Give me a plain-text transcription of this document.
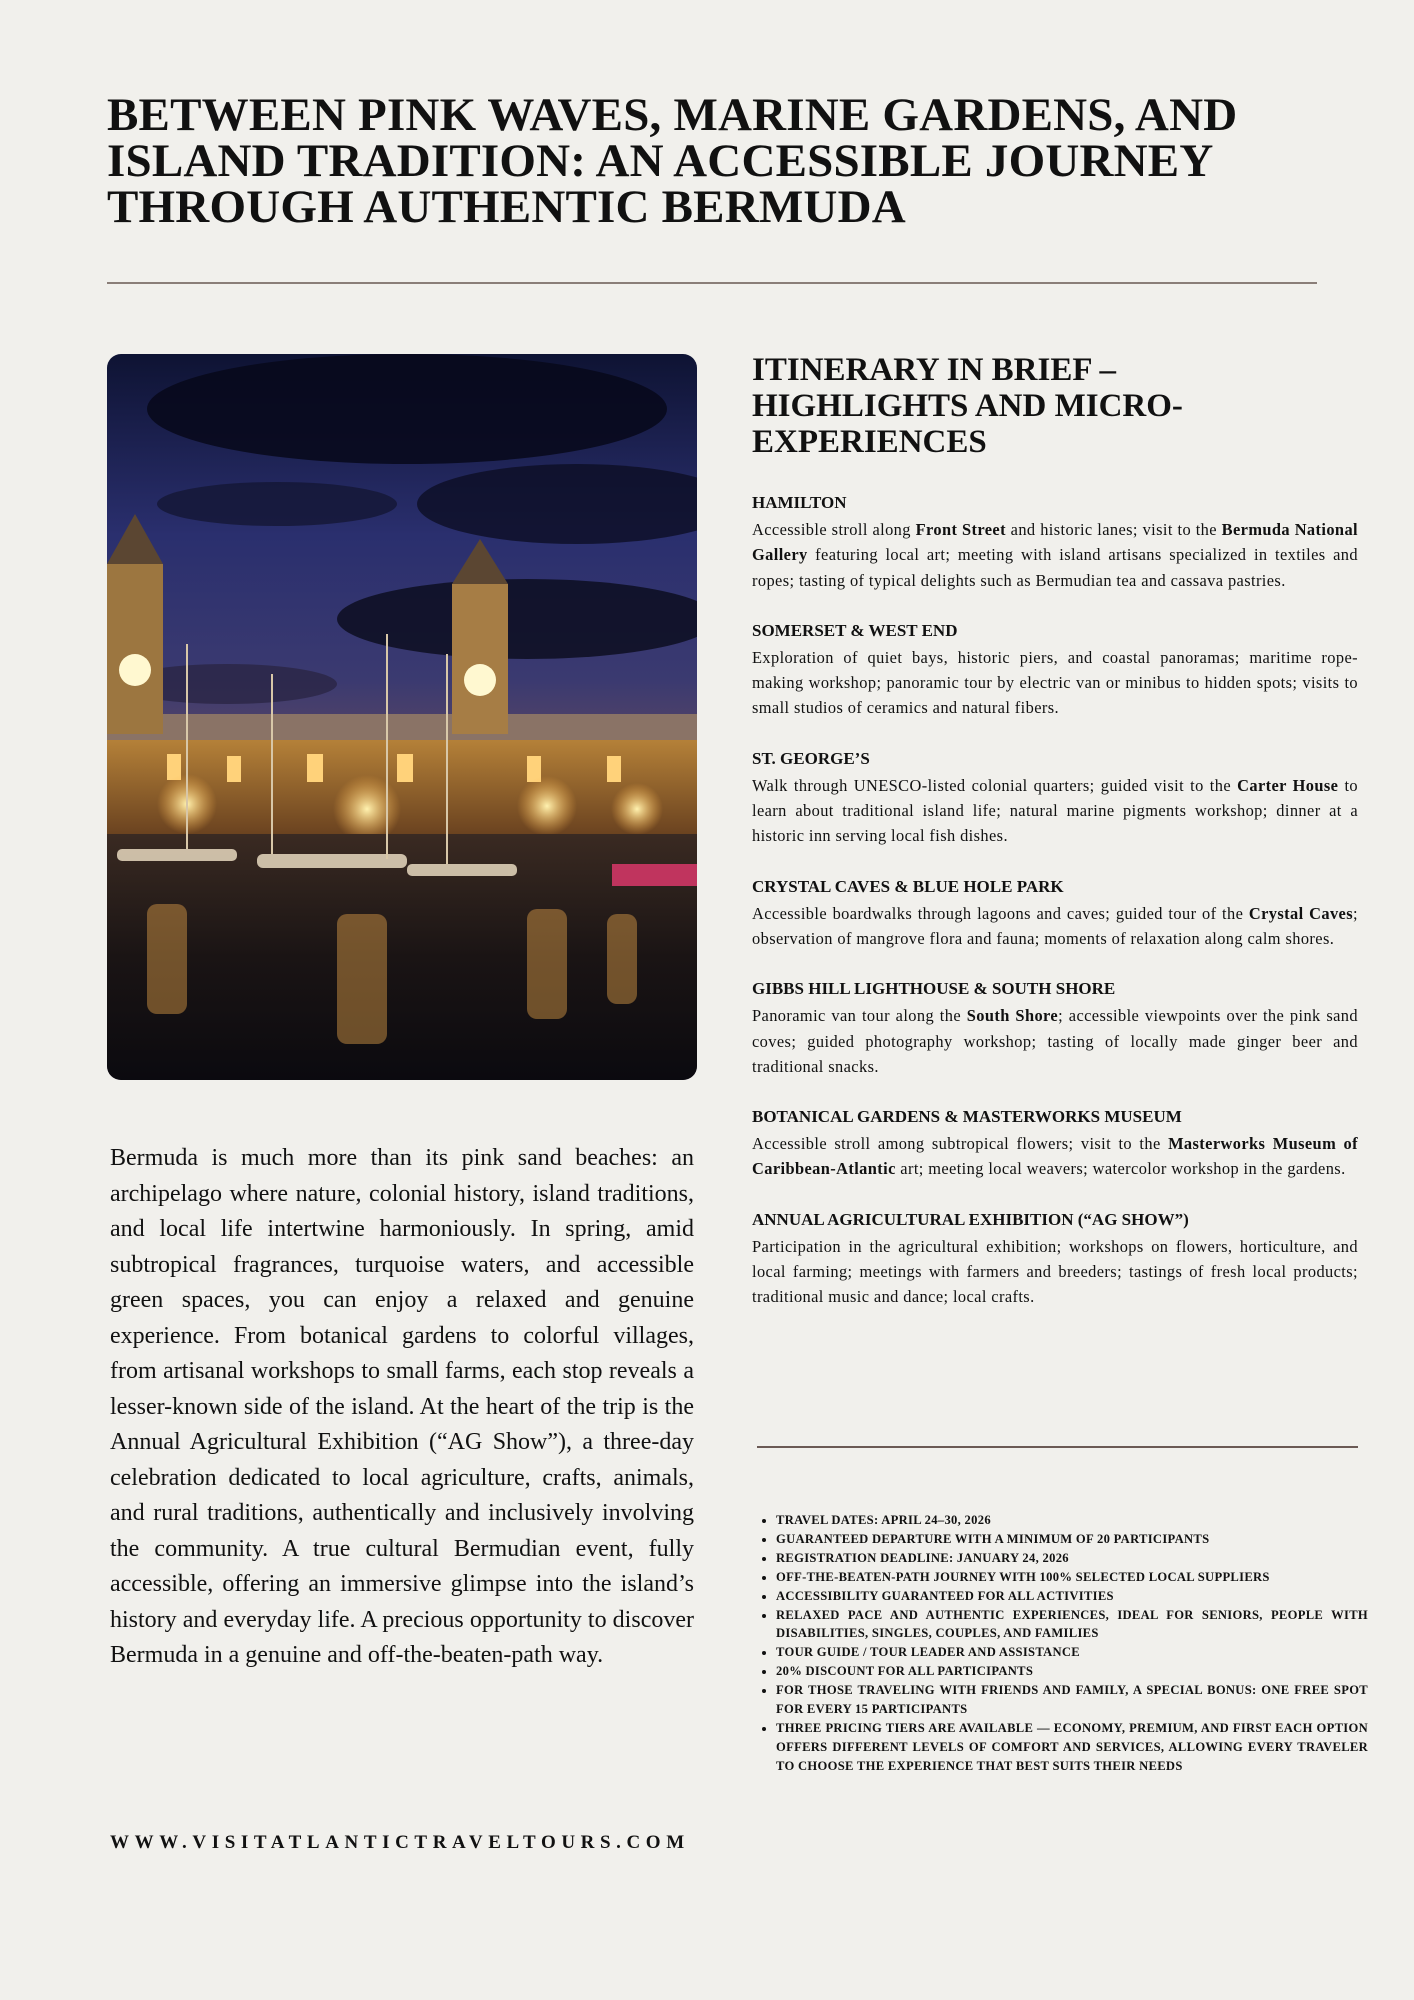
BETWEEN PINK WAVES, MARINE GARDENS, AND ISLAND TRADITION: AN ACCESSIBLE JOURNEY THROUGH AUTHENTIC BERMUDA

Bermuda is much more than its pink sand beaches: an archipelago where nature, colonial history, island traditions, and local life intertwine harmoniously. In spring, amid subtropical fragrances, turquoise waters, and accessible green spaces, you can enjoy a relaxed and genuine experience. From botanical gardens to colorful villages, from artisanal workshops to small farms, each stop reveals a lesser-known side of the island. At the heart of the trip is the Annual Agricultural Exhibition (“AG Show”), a three-day celebration dedicated to local agriculture, crafts, animals, and rural traditions, authentically and inclusively involving the community. A true cultural Bermudian event, fully accessible, offering an immersive glimpse into the island’s history and everyday life. A precious opportunity to discover Bermuda in a genuine and off-the-beaten-path way.

WWW.VISITATLANTICTRAVELTOURS.COM
ITINERARY IN BRIEF – HIGHLIGHTS AND MICRO-EXPERIENCES
HAMILTON

Accessible stroll along Front Street and historic lanes; visit to the Bermuda National Gallery featuring local art; meeting with island artisans specialized in textiles and ropes; tasting of typical delights such as Bermudian tea and cassava pastries.

SOMERSET & WEST END

Exploration of quiet bays, historic piers, and coastal panoramas; maritime rope-making workshop; panoramic tour by electric van or minibus to hidden spots; visits to small studios of ceramics and natural fibers.

ST. GEORGE’S

Walk through UNESCO-listed colonial quarters; guided visit to the Carter House to learn about traditional island life; natural marine pigments workshop; dinner at a historic inn serving local fish dishes.

CRYSTAL CAVES & BLUE HOLE PARK

Accessible boardwalks through lagoons and caves; guided tour of the Crystal Caves; observation of mangrove flora and fauna; moments of relaxation along calm shores.

GIBBS HILL LIGHTHOUSE & SOUTH SHORE

Panoramic van tour along the South Shore; accessible viewpoints over the pink sand coves; guided photography workshop; tasting of locally made ginger beer and traditional snacks.

BOTANICAL GARDENS & MASTERWORKS MUSEUM

Accessible stroll among subtropical flowers; visit to the Masterworks Museum of Caribbean-Atlantic art; meeting local weavers; watercolor workshop in the gardens.

ANNUAL AGRICULTURAL EXHIBITION (“AG SHOW”)

Participation in the agricultural exhibition; workshops on flowers, horticulture, and local farming; meetings with farmers and breeders; tastings of fresh local products; traditional music and dance; local crafts.

• TRAVEL DATES: APRIL 24–30, 2026
• GUARANTEED DEPARTURE WITH A MINIMUM OF 20 PARTICIPANTS
• REGISTRATION DEADLINE: JANUARY 24, 2026
• OFF-THE-BEATEN-PATH JOURNEY WITH 100% SELECTED LOCAL SUPPLIERS
• ACCESSIBILITY GUARANTEED FOR ALL ACTIVITIES
• RELAXED PACE AND AUTHENTIC EXPERIENCES, IDEAL FOR SENIORS, PEOPLE WITH DISABILITIES, SINGLES, COUPLES, AND FAMILIES
• TOUR GUIDE / TOUR LEADER AND ASSISTANCE
• 20% DISCOUNT FOR ALL PARTICIPANTS
• FOR THOSE TRAVELING WITH FRIENDS AND FAMILY, A SPECIAL BONUS: ONE FREE SPOT FOR EVERY 15 PARTICIPANTS
• THREE PRICING TIERS ARE AVAILABLE — ECONOMY, PREMIUM, AND FIRST EACH OPTION OFFERS DIFFERENT LEVELS OF COMFORT AND SERVICES, ALLOWING EVERY TRAVELER TO CHOOSE THE EXPERIENCE THAT BEST SUITS THEIR NEEDS
